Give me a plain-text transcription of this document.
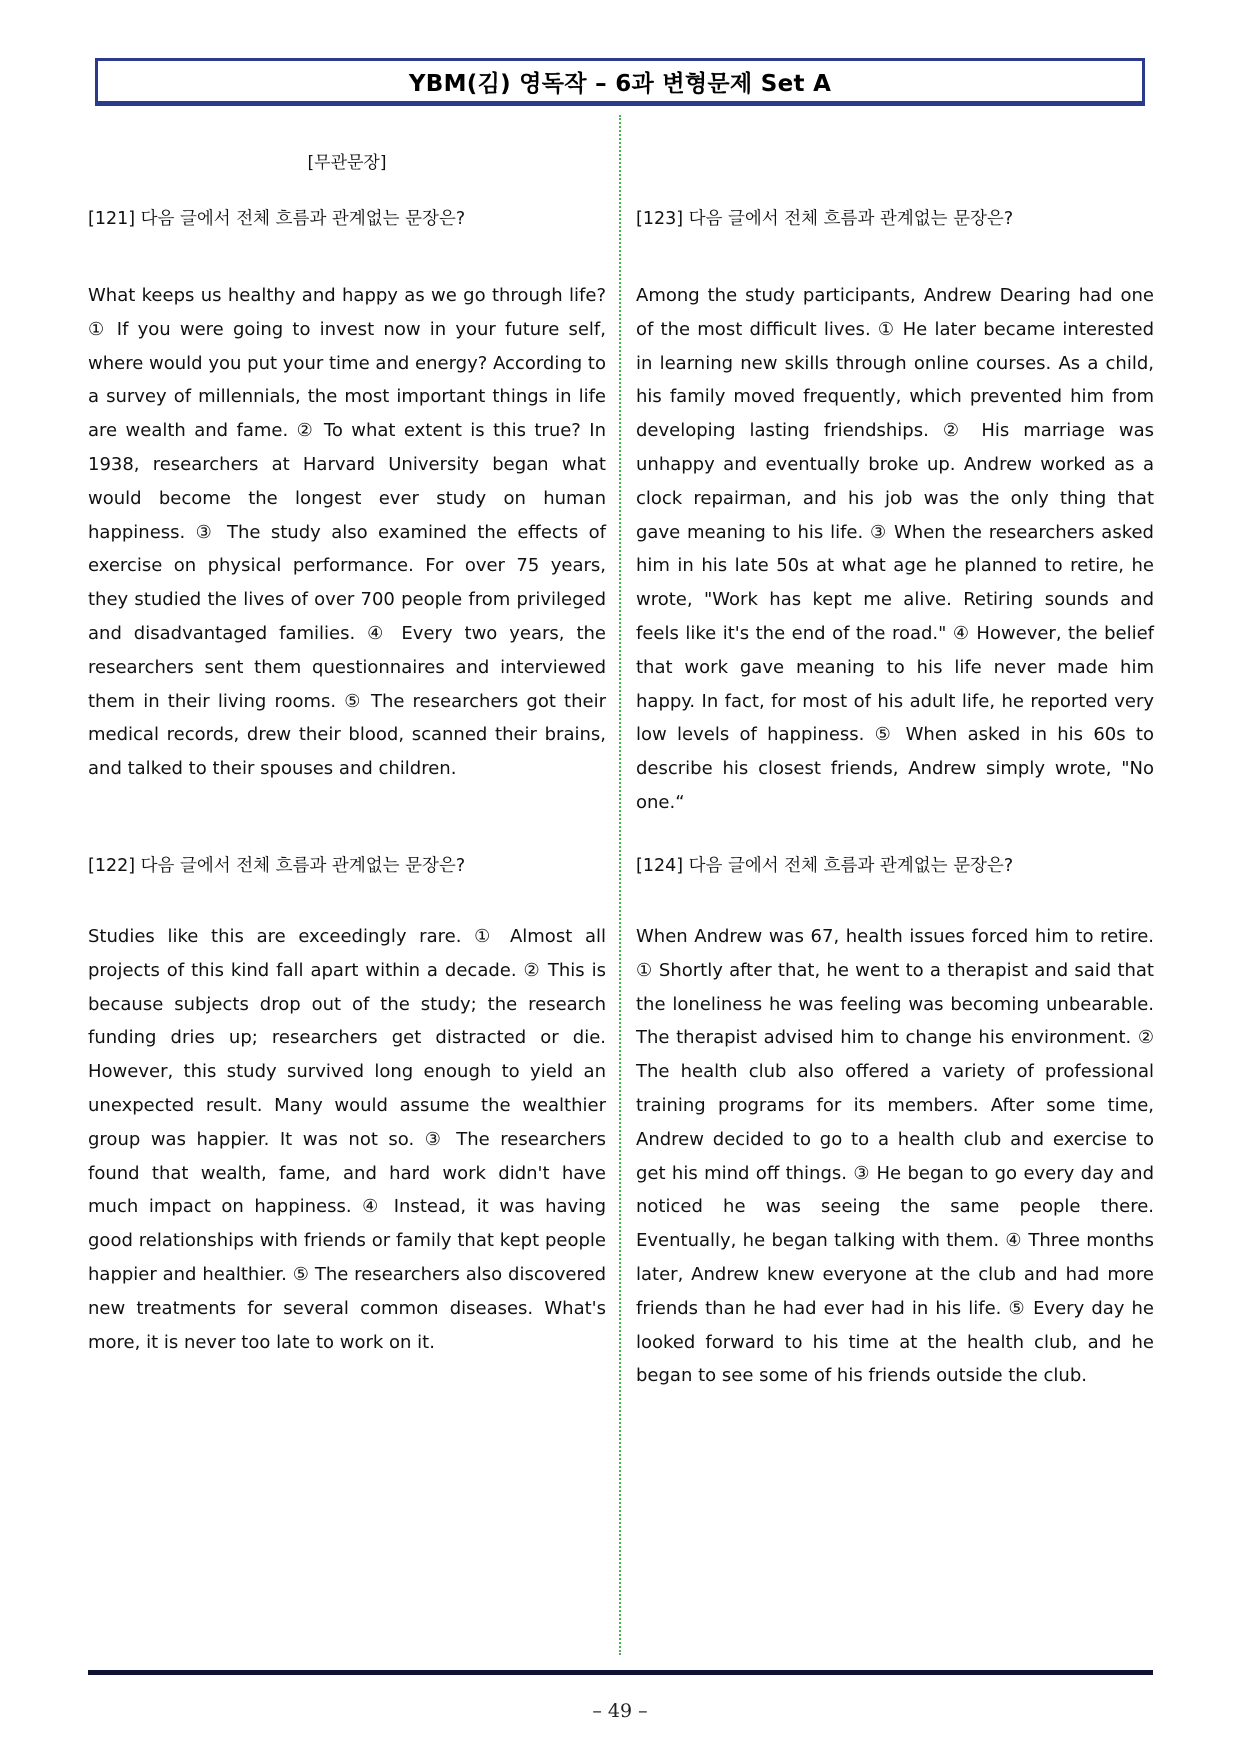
YBM(김) 영독작 – 6과 변형문제 Set A
[무관문장]
[121] 다음 글에서 전체 흐름과 관계없는 문장은?

What keeps us healthy and happy as we go through life? ① If you were going to invest now in your future self, where would you put your time and energy? According to a survey of millennials, the most important things in life are wealth and fame. ② To what extent is this true? In 1938, researchers at Harvard University began what would become the longest ever study on human happiness. ③ The study also examined the effects of exercise on physical performance. For over 75 years, they studied the lives of over 700 people from privileged and disadvantaged families. ④ Every two years, the researchers sent them questionnaires and interviewed them in their living rooms. ⑤ The researchers got their medical records, drew their blood, scanned their brains, and talked to their spouses and children.

[122] 다음 글에서 전체 흐름과 관계없는 문장은?

Studies like this are exceedingly rare. ① Almost all projects of this kind fall apart within a decade. ② This is because subjects drop out of the study; the research funding dries up; researchers get distracted or die. However, this study survived long enough to yield an unexpected result. Many would assume the wealthier group was happier. It was not so. ③ The researchers found that wealth, fame, and hard work didn't have much impact on happiness. ④ Instead, it was having good relationships with friends or family that kept people happier and healthier. ⑤ The researchers also discovered new treatments for several common diseases. What's more, it is never too late to work on it.

[123] 다음 글에서 전체 흐름과 관계없는 문장은?

Among the study participants, Andrew Dearing had one of the most difficult lives. ① He later became interested in learning new skills through online courses. As a child, his family moved frequently, which prevented him from developing lasting friendships. ② His marriage was unhappy and eventually broke up. Andrew worked as a clock repairman, and his job was the only thing that gave meaning to his life. ③ When the researchers asked him in his late 50s at what age he planned to retire, he wrote, "Work has kept me alive. Retiring sounds and feels like it's the end of the road." ④ However, the belief that work gave meaning to his life never made him happy. In fact, for most of his adult life, he reported very low levels of happiness. ⑤ When asked in his 60s to describe his closest friends, Andrew simply wrote, "No one.“

[124] 다음 글에서 전체 흐름과 관계없는 문장은?

When Andrew was 67, health issues forced him to retire. ① Shortly after that, he went to a therapist and said that the loneliness he was feeling was becoming unbearable. The therapist advised him to change his environment. ② The health club also offered a variety of professional training programs for its members. After some time, Andrew decided to go to a health club and exercise to get his mind off things. ③ He began to go every day and noticed he was seeing the same people there. Eventually, he began talking with them. ④ Three months later, Andrew knew everyone at the club and had more friends than he had ever had in his life. ⑤ Every day he looked forward to his time at the health club, and he began to see some of his friends outside the club.

– 49 –
